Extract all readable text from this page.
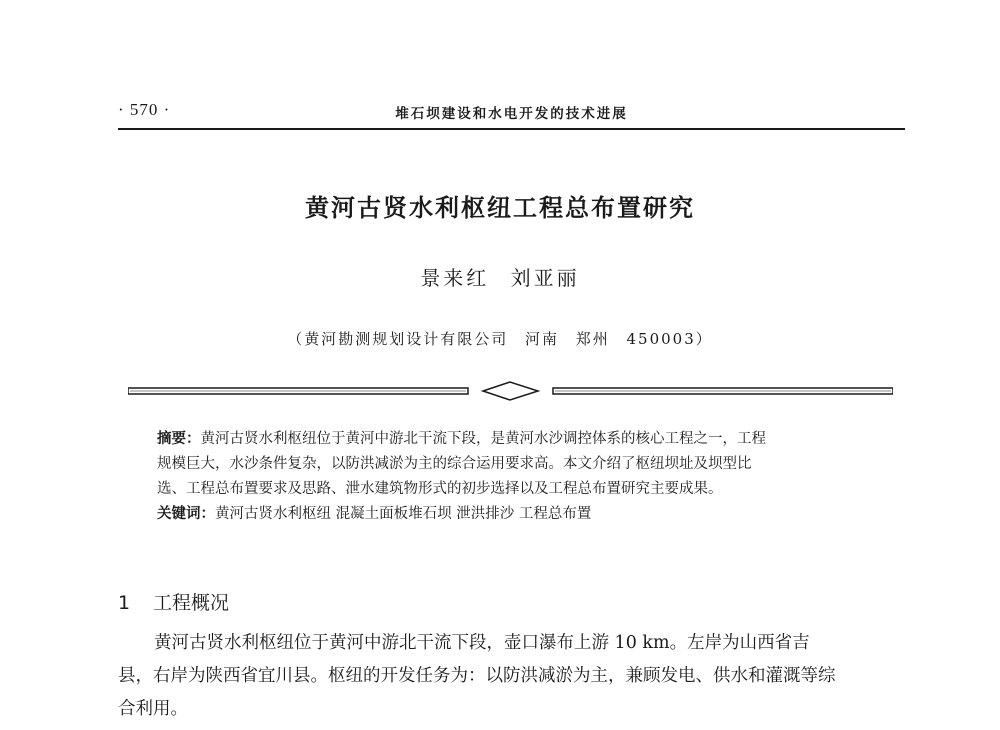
· 570 ·	堆石坝建设和水电开发的技术进展
黄河古贤水利枢纽工程总布置研究
景来红 刘亚丽
（黄河勘测规划设计有限公司 河南 郑州 450003）
摘要：黄河古贤水利枢纽位于黄河中游北干流下段，是黄河水沙调控体系的核心工程之一，工程
规模巨大，水沙条件复杂，以防洪减淤为主的综合运用要求高。本文介绍了枢纽坝址及坝型比
选、工程总布置要求及思路、泄水建筑物形式的初步选择以及工程总布置研究主要成果。
关键词：黄河古贤水利枢纽 混凝土面板堆石坝 泄洪排沙 工程总布置
1 工程概况
黄河古贤水利枢纽位于黄河中游北干流下段，壶口瀑布上游 10 km。左岸为山西省吉
县，右岸为陕西省宜川县。枢纽的开发任务为：以防洪减淤为主，兼顾发电、供水和灌溉等综
合利用。
